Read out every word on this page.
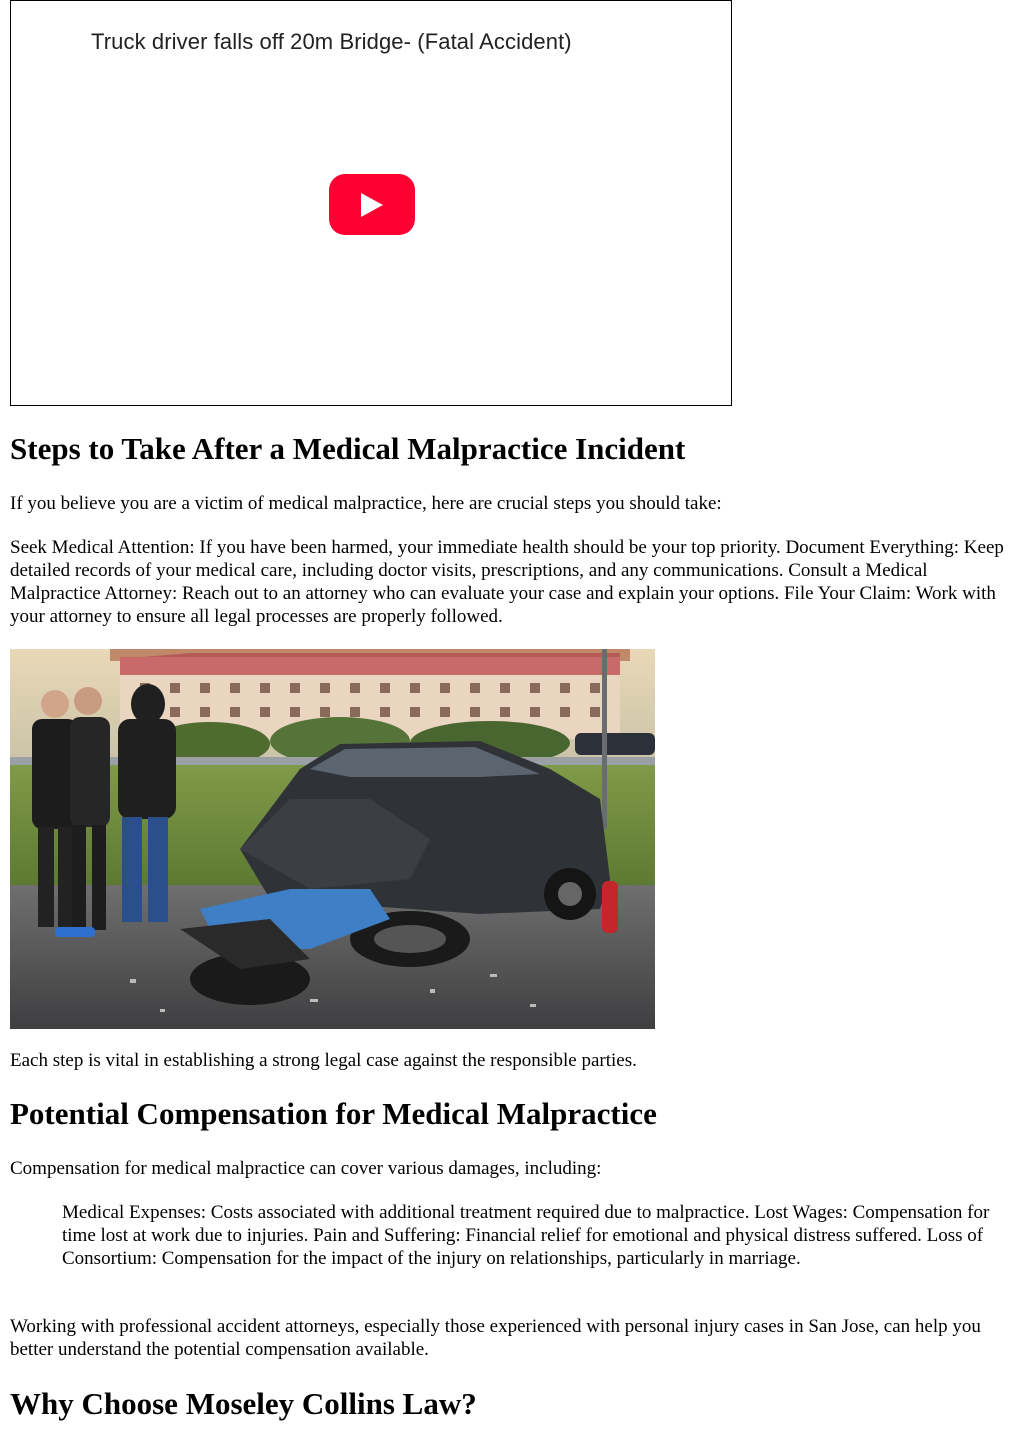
Truck driver falls off 20m Bridge- (Fatal Accident)
Steps to Take After a Medical Malpractice Incident

If you believe you are a victim of medical malpractice, here are crucial steps you should take:

Seek Medical Attention: If you have been harmed, your immediate health should be your top priority. Document Everything: Keep detailed records of your medical care, including doctor visits, prescriptions, and any communications. Consult a Medical Malpractice Attorney: Reach out to an attorney who can evaluate your case and explain your options. File Your Claim: Work with your attorney to ensure all legal processes are properly followed.

Each step is vital in establishing a strong legal case against the responsible parties.

Potential Compensation for Medical Malpractice

Compensation for medical malpractice can cover various damages, including:

Medical Expenses: Costs associated with additional treatment required due to malpractice. Lost Wages: Compensation for time lost at work due to injuries. Pain and Suffering: Financial relief for emotional and physical distress suffered. Loss of Consortium: Compensation for the impact of the injury on relationships, particularly in marriage.

Working with professional accident attorneys, especially those experienced with personal injury cases in San Jose, can help you better understand the potential compensation available.

Why Choose Moseley Collins Law?
